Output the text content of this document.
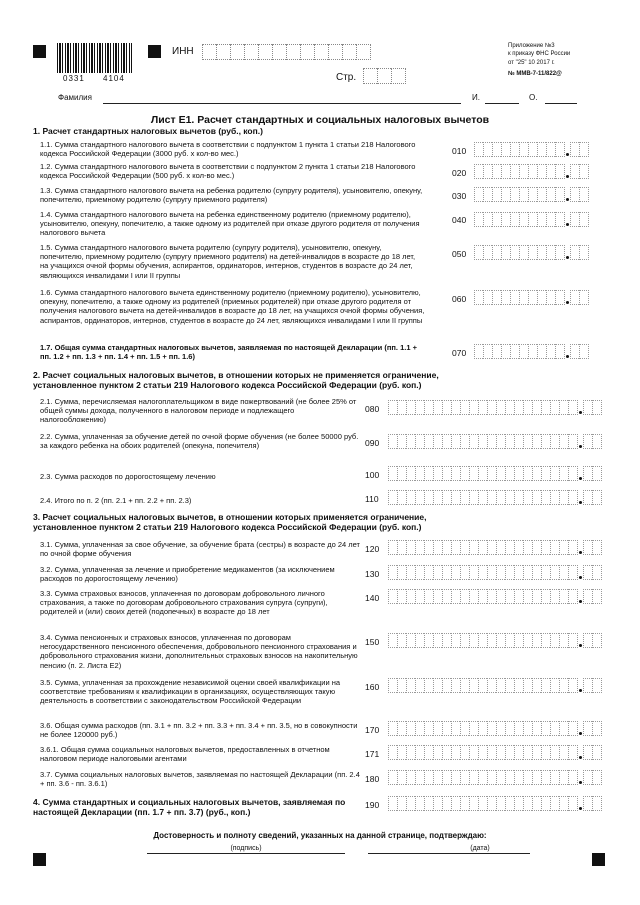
0331 4104
ИНН
Стр.
Приложение №3
к приказу ФНС России
от "25" 10 2017 г.
№ ММВ-7-11/822@
Фамилия	И.	О.
Лист Е1. Расчет стандартных и социальных налоговых вычетов
1. Расчет стандартных налоговых вычетов (руб., коп.)
1.1. Сумма стандартного налогового вычета в соответствии с подпунктом 1 пункта 1 статьи 218 Налогового кодекса Российской Федерации (3000 руб. х кол-во мес.)	010
1.2. Сумма стандартного налогового вычета в соответствии с подпунктом 2 пункта 1 статьи 218 Налогового кодекса Российской Федерации (500 руб. х кол-во мес.)	020
1.3. Сумма стандартного налогового вычета на ребенка родителю (супругу родителя), усыновителю, опекуну, попечителю, приемному родителю (супругу приемного родителя)	030
1.4. Сумма стандартного налогового вычета на ребенка единственному родителю (приемному родителю), усыновителю, опекуну, попечителю, а также одному из родителей при отказе другого родителя от получения налогового вычета
040
1.5. Сумма стандартного налогового вычета родителю (супругу родителя), усыновителю, опекуну, попечителю, приемному родителю (супругу приемного родителя) на детей-инвалидов в возрасте до 18 лет, на учащихся очной формы обучения, аспирантов, ординаторов, интернов, студентов в возрасте до 24 лет, являющихся инвалидами I или II группы
050
1.6. Сумма стандартного налогового вычета единственному родителю (приемному родителю), усыновителю, опекуну, попечителю, а также одному из родителей (приемных родителей) при отказе другого родителя от получения налогового вычета на детей-инвалидов в возрасте до 18 лет, на учащихся очной формы обучения, аспирантов, ординаторов, интернов, студентов в возрасте до 24 лет, являющихся инвалидами I или II группы
060
1.7. Общая сумма стандартных налоговых вычетов, заявляемая по настоящей Декларации (пп. 1.1 + пп. 1.2 + пп. 1.3 + пп. 1.4 + пп. 1.5 + пп. 1.6)	070
2. Расчет социальных налоговых вычетов, в отношении которых не применяется ограничение, установленное пунктом 2 статьи 219 Налогового кодекса Российской Федерации (руб. коп.)
2.1. Сумма, перечисляемая налогоплательщиком в виде пожертвований (не более 25% от общей суммы дохода, полученного в налоговом периоде и подлежащего налогообложению)
080
2.2. Сумма, уплаченная за обучение детей по очной форме обучения (не более 50000 руб. за каждого ребенка на обоих родителей (опекуна, попечителя)	090
2.3. Сумма расходов по дорогостоящему лечению	100
2.4. Итого по п. 2 (пп. 2.1 + пп. 2.2 + пп. 2.3)	110
3. Расчет социальных налоговых вычетов, в отношении которых применяется ограничение, установленное пунктом 2 статьи 219 Налогового кодекса Российской Федерации (руб. коп.)
3.1. Сумма, уплаченная за свое обучение, за обучение брата (сестры) в возрасте до 24 лет по очной форме обучения	120
3.2. Сумма, уплаченная за лечение и приобретение медикаментов (за исключением расходов по дорогостоящему лечению)	130
3.3. Сумма страховых взносов, уплаченная по договорам добровольного личного страхования, а также по договорам добровольного страхования супруга (супруги), родителей и (или) своих детей (подопечных) в возрасте до 18 лет
140
3.4. Сумма пенсионных и страховых взносов, уплаченная по договорам негосударственного пенсионного обеспечения, добровольного пенсионного страхования и добровольного страхования жизни, дополнительных страховых взносов на накопительную пенсию (п. 2. Листа Е2)
150
3.5. Сумма, уплаченная за прохождение независимой оценки своей квалификации на соответствие требованиям к квалификации в организациях, осуществляющих такую деятельность в соответствии с законодательством Российской Федерации
160
3.6. Общая сумма расходов (пп. 3.1 + пп. 3.2 + пп. 3.3 + пп. 3.4 + пп. 3.5, но в совокупности не более 120000 руб.)	170
3.6.1. Общая сумма социальных налоговых вычетов, предоставленных в отчетном налоговом периоде налоговыми агентами	171
3.7. Сумма социальных налоговых вычетов, заявляемая по настоящей Декларации (пп. 2.4 + пп. 3.6 - пп. 3.6.1)	180
4. Сумма стандартных и социальных налоговых вычетов, заявляемая по настоящей Декларации (пп. 1.7 + пп. 3.7) (руб., коп.)
190
Достоверность и полноту сведений, указанных на данной странице, подтверждаю:
(подпись)	(дата)
